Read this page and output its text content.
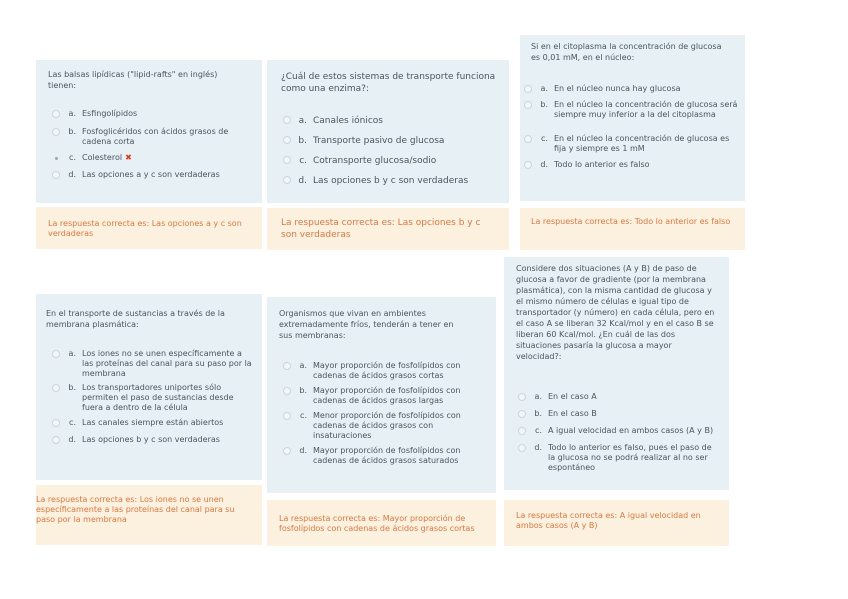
Las balsas lipídicas ("lipid-rafts" en inglés) tienen:
a. Esfingolípidos
b. Fosfoglicéridos con ácidos grasos de cadena corta
c. Colesterol ✖
d. Las opciones a y c son verdaderas
La respuesta correcta es: Las opciones a y c son verdaderas
¿Cuál de estos sistemas de transporte funciona como una enzima?:
a. Canales iónicos
b. Transporte pasivo de glucosa
c. Cotransporte glucosa/sodio
d. Las opciones b y c son verdaderas
La respuesta correcta es: Las opciones b y c son verdaderas
Si en el citoplasma la concentración de glucosa es 0,01 mM, en el núcleo:
a. En el núcleo nunca hay glucosa
b. En el núcleo la concentración de glucosa será siempre muy inferior a la del citoplasma
c. En el núcleo la concentración de glucosa es fija y siempre es 1 mM
d. Todo lo anterior es falso
La respuesta correcta es: Todo lo anterior es falso
En el transporte de sustancias a través de la membrana plasmática:
a. Los iones no se unen específicamente a las proteínas del canal para su paso por la membrana
b. Los transportadores uniportes sólo permiten el paso de sustancias desde fuera a dentro de la célula
c. Las canales siempre están abiertos
d. Las opciones b y c son verdaderas
La respuesta correcta es: Los iones no se unen específicamente a las proteínas del canal para su paso por la membrana
Organismos que vivan en ambientes extremadamente fríos, tenderán a tener en sus membranas:
a. Mayor proporción de fosfolípidos con cadenas de ácidos grasos cortas
b. Mayor proporción de fosfolípidos con cadenas de ácidos grasos largas
c. Menor proporción de fosfolípidos con cadenas de ácidos grasos con insaturaciones
d. Mayor proporción de fosfolípidos con cadenas de ácidos grasos saturados
La respuesta correcta es: Mayor proporción de fosfolípidos con cadenas de ácidos grasos cortas
Considere dos situaciones (A y B) de paso de glucosa a favor de gradiente (por la membrana plasmática), con la misma cantidad de glucosa y el mismo número de células e igual tipo de transportador (y número) en cada célula, pero en el caso A se liberan 32 Kcal/mol y en el caso B se liberan 60 Kcal/mol. ¿En cuál de las dos situaciones pasaría la glucosa a mayor velocidad?:
a. En el caso A
b. En el caso B
c. A igual velocidad en ambos casos (A y B)
d. Todo lo anterior es falso, pues el paso de la glucosa no se podrá realizar al no ser espontáneo
La respuesta correcta es: A igual velocidad en ambos casos (A y B)
